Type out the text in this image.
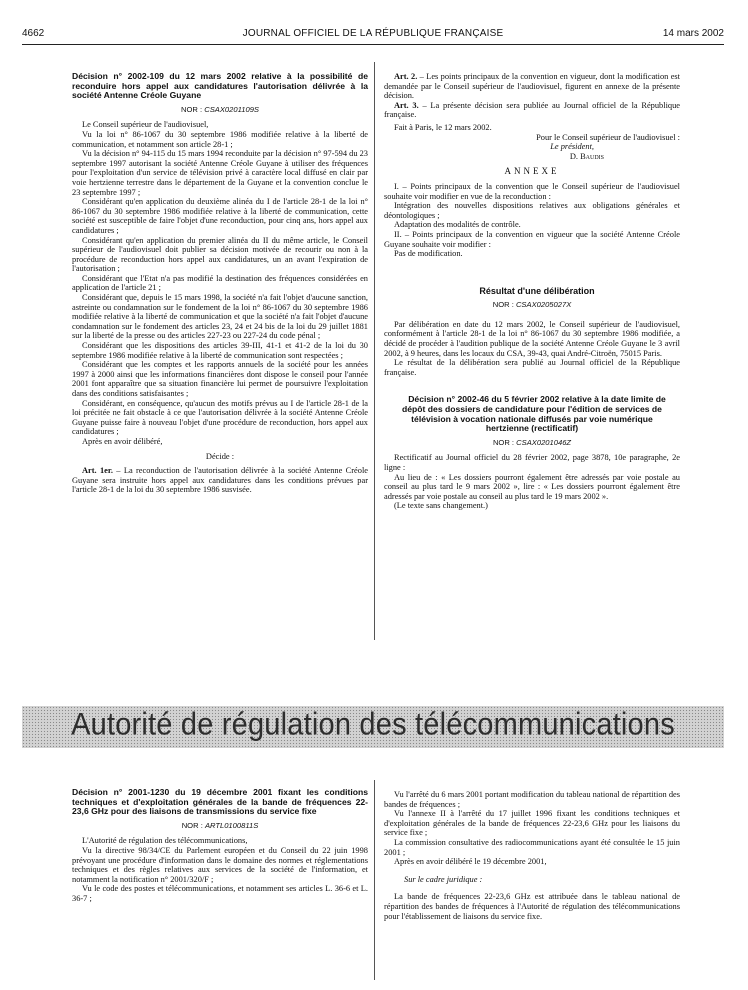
4662	JOURNAL OFFICIEL DE LA RÉPUBLIQUE FRANÇAISE	14 mars 2002

Décision n° 2002-109 du 12 mars 2002 relative à la possibilité de reconduire hors appel aux candidatures l'autorisation délivrée à la société Antenne Créole Guyane

NOR : CSAX0201109S

Le Conseil supérieur de l'audiovisuel,

Vu la loi n° 86-1067 du 30 septembre 1986 modifiée relative à la liberté de communication, et notamment son article 28-1 ;

Vu la décision n° 94-115 du 15 mars 1994 reconduite par la décision n° 97-594 du 23 septembre 1997 autorisant la société Antenne Créole Guyane à utiliser des fréquences pour l'exploitation d'un service de télévision privé à caractère local diffusé en clair par voie hertzienne terrestre dans le département de la Guyane et la convention conclue le 23 septembre 1997 ;

Considérant qu'en application du deuxième alinéa du I de l'article 28-1 de la loi n° 86-1067 du 30 septembre 1986 modifiée relative à la liberté de communication, cette société est susceptible de faire l'objet d'une reconduction, pour cinq ans, hors appel aux candidatures ;

Considérant qu'en application du premier alinéa du II du même article, le Conseil supérieur de l'audiovisuel doit publier sa décision motivée de recourir ou non à la procédure de reconduction hors appel aux candidatures, un an avant l'expiration de l'autorisation ;

Considérant que l'Etat n'a pas modifié la destination des fréquences considérées en application de l'article 21 ;

Considérant que, depuis le 15 mars 1998, la société n'a fait l'objet d'aucune sanction, astreinte ou condamnation sur le fondement de la loi n° 86-1067 du 30 septembre 1986 modifiée relative à la liberté de communication et que la société n'a fait l'objet d'aucune condamnation sur le fondement des articles 23, 24 et 24 bis de la loi du 29 juillet 1881 sur la liberté de la presse ou des articles 227-23 ou 227-24 du code pénal ;

Considérant que les dispositions des articles 39-III, 41-1 et 41-2 de la loi du 30 septembre 1986 modifiée relative à la liberté de communication sont respectées ;

Considérant que les comptes et les rapports annuels de la société pour les années 1997 à 2000 ainsi que les informations financières dont dispose le conseil pour l'année 2001 font apparaître que sa situation financière lui permet de poursuivre l'exploitation dans des conditions satisfaisantes ;

Considérant, en conséquence, qu'aucun des motifs prévus au I de l'article 28-1 de la loi précitée ne fait obstacle à ce que l'autorisation délivrée à la société Antenne Créole Guyane puisse faire à nouveau l'objet d'une procédure de reconduction, hors appel aux candidatures ;

Après en avoir délibéré,

Décide :

Art. 1er. – La reconduction de l'autorisation délivrée à la société Antenne Créole Guyane sera instruite hors appel aux candidatures dans les conditions prévues par l'article 28-1 de la loi du 30 septembre 1986 susvisée.

Art. 2. – Les points principaux de la convention en vigueur, dont la modification est demandée par le Conseil supérieur de l'audiovisuel, figurent en annexe de la présente décision.

Art. 3. – La présente décision sera publiée au Journal officiel de la République française.

Fait à Paris, le 12 mars 2002.

Pour le Conseil supérieur de l'audiovisuel :

Le président,

D. Baudis

ANNEXE

I. – Points principaux de la convention que le Conseil supérieur de l'audiovisuel souhaite voir modifier en vue de la reconduction :

Intégration des nouvelles dispositions relatives aux obligations générales et déontologiques ;

Adaptation des modalités de contrôle.

II. – Points principaux de la convention en vigueur que la société Antenne Créole Guyane souhaite voir modifier :

Pas de modification.

Résultat d'une délibération

NOR : CSAX0205027X

Par délibération en date du 12 mars 2002, le Conseil supérieur de l'audiovisuel, conformément à l'article 28-1 de la loi n° 86-1067 du 30 septembre 1986 modifiée, a décidé de procéder à l'audition publique de la société Antenne Créole Guyane le 3 avril 2002, à 9 heures, dans les locaux du CSA, 39-43, quai André-Citroën, 75015 Paris.

Le résultat de la délibération sera publié au Journal officiel de la République française.

Décision n° 2002-46 du 5 février 2002 relative à la date limite de dépôt des dossiers de candidature pour l'édition de services de télévision à vocation nationale diffusés par voie numérique hertzienne (rectificatif)

NOR : CSAX0201046Z

Rectificatif au Journal officiel du 28 février 2002, page 3878, 10e paragraphe, 2e ligne :

Au lieu de : « Les dossiers pourront également être adressés par voie postale au conseil au plus tard le 9 mars 2002 », lire : « Les dossiers pourront également être adressés par voie postale au conseil au plus tard le 19 mars 2002 ».

(Le texte sans changement.)

Autorité de régulation des télécommunications

Décision n° 2001-1230 du 19 décembre 2001 fixant les conditions techniques et d'exploitation générales de la bande de fréquences 22-23,6 GHz pour des liaisons de transmissions du service fixe

NOR : ARTL0100811S

L'Autorité de régulation des télécommunications,

Vu la directive 98/34/CE du Parlement européen et du Conseil du 22 juin 1998 prévoyant une procédure d'information dans le domaine des normes et réglementations techniques et des règles relatives aux services de la société de l'information, et notamment la notification n° 2001/320/F ;

Vu le code des postes et télécommunications, et notamment ses articles L. 36-6 et L. 36-7 ;

Vu l'arrêté du 6 mars 2001 portant modification du tableau national de répartition des bandes de fréquences ;

Vu l'annexe II à l'arrêté du 17 juillet 1996 fixant les conditions techniques et d'exploitation générales de la bande de fréquences 22-23,6 GHz pour les liaisons du service fixe ;

La commission consultative des radiocommunications ayant été consultée le 15 juin 2001 ;

Après en avoir délibéré le 19 décembre 2001,

Sur le cadre juridique :

La bande de fréquences 22-23,6 GHz est attribuée dans le tableau national de répartition des bandes de fréquences à l'Autorité de régulation des télécommunications pour l'établissement de liaisons du service fixe.
